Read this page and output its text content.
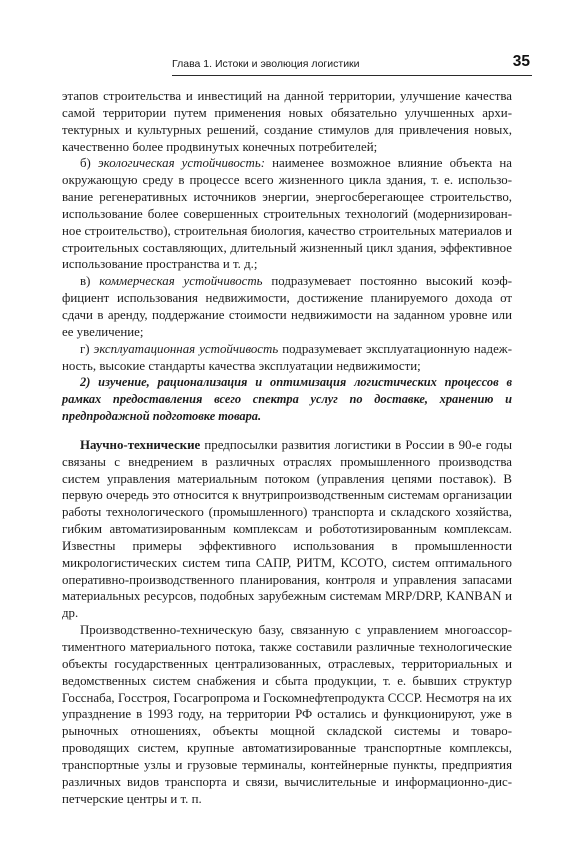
Глава 1. Истоки и эволюция логистики	35

этапов строительства и инвестиций на данной территории, улучшение качества самой территории путем применения новых обязательно улучшенных архитектурных и культурных решений, создание стимулов для привлечения новых, качественно более продвинутых конечных потребителей;

б) экологическая устойчивость: наименее возможное влияние объекта на окружающую среду в процессе всего жизненного цикла здания, т. е. использование регенеративных источников энергии, энергосберегающее строительство, использование более совершенных строительных технологий (модернизированное строительство), строительная биология, качество строительных материалов и строительных составляющих, длительный жизненный цикл здания, эффективное использование пространства и т. д.;

в) коммерческая устойчивость подразумевает постоянно высокий коэффициент использования недвижимости, достижение планируемого дохода от сдачи в аренду, поддержание стоимости недвижимости на заданном уровне или ее увеличение;

г) эксплуатационная устойчивость подразумевает эксплуатационную надежность, высокие стандарты качества эксплуатации недвижимости;

2) изучение, рационализация и оптимизация логистических процессов в рамках предоставления всего спектра услуг по доставке, хранению и предпродажной подготовке товара.

Научно-технические предпосылки развития логистики в России в 90-е годы связаны с внедрением в различных отраслях промышленного производства систем управления материальным потоком (управления цепями поставок). В первую очередь это относится к внутрипроизводственным системам организации работы технологического (промышленного) транспорта и складского хозяйства, гибким автоматизированным комплексам и робототизированным комплексам. Известны примеры эффективного использования в промышленности микрологистических систем типа САПР, РИТМ, КСОТО, систем оптимального оперативно-производственного планирования, контроля и управления запасами материальных ресурсов, подобных зарубежным системам MRP/DRP, KANBAN и др.

Производственно-техническую базу, связанную с управлением многоассортиментного материального потока, также составили различные технологические объекты государственных централизованных, отраслевых, территориальных и ведомственных систем снабжения и сбыта продукции, т. е. бывших структур Госснаба, Госстроя, Госагропрома и Госкомнефтепродукта СССР. Несмотря на их упразднение в 1993 году, на территории РФ остались и функционируют, уже в рыночных отношениях, объекты мощной складской системы и товаропроводящих систем, крупные автоматизированные транспортные комплексы, транспортные узлы и грузовые терминалы, контейнерные пункты, предприятия различных видов транспорта и связи, вычислительные и информационно-диспетчерские центры и т. п.
